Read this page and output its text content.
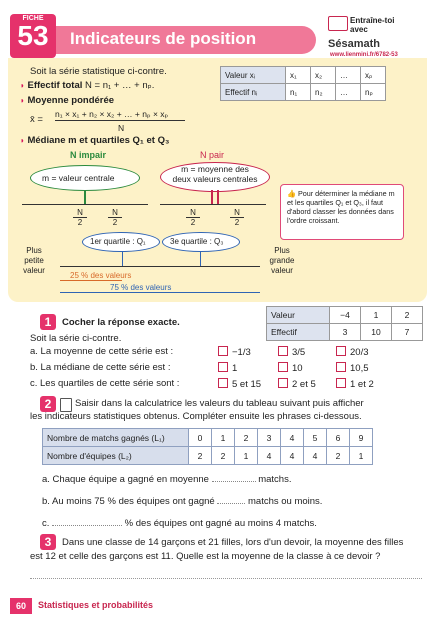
FICHE
53	Indicateurs de position
Entraîne-toi
avec
Sésamath
www.lienmini.fr/6782-53
Soit la série statistique ci-contre.
◗ Effectif total N = n₁ + … + nₚ.
◗ Moyenne pondérée
x̄ = n₁ × x₁ + n₂ × x₂ + … + nₚ × xₚ
N
◗ Médiane m et quartiles Q₁ et Q₃
Valeur xᵢ	x₁	x₂	…	xₚ
Effectif nᵢ	n₁	n₂	…	nₚ
N impair	N pair
m = valeur centrale
m = moyenne des
deux valeurs centrales
N
2
N
2
N
2
N
2
1er quartile : Q₁	3e quartile : Q₃
Plus
petite
valeur
Plus
grande
valeur
25 % des valeurs
75 % des valeurs
👍 Pour déterminer la médiane m et les quartiles Q₁ et Q₃, il faut d'abord classer les données dans l'ordre croissant.
1	Cocher la réponse exacte.
Soit la série ci-contre.
Valeur	−4	1	2
Effectif	3	10	7
a. La moyenne de cette série est :	−1/3	3/5	20/3
b. La médiane de cette série est :	1	10	10,5
c. Les quartiles de cette série sont :	5 et 15	2 et 5	1 et 2
2	Saisir dans la calculatrice les valeurs du tableau suivant puis afficher
les indicateurs statistiques obtenus. Compléter ensuite les phrases ci-dessous.
Nombre de matchs gagnés (L₁)	0	1	2	3	4	5	6	9
Nombre d'équipes (L₂)	2	2	1	4	4	4	2	1
a. Chaque équipe a gagné en moyenne	matchs.
b. Au moins 75 % des équipes ont gagné	matchs ou moins.
c.	% des équipes ont gagné au moins 4 matchs.
3	Dans une classe de 14 garçons et 21 filles, lors d'un devoir, la moyenne des filles
est 12 et celle des garçons est 11. Quelle est la moyenne de la classe à ce devoir ?
60	Statistiques et probabilités
